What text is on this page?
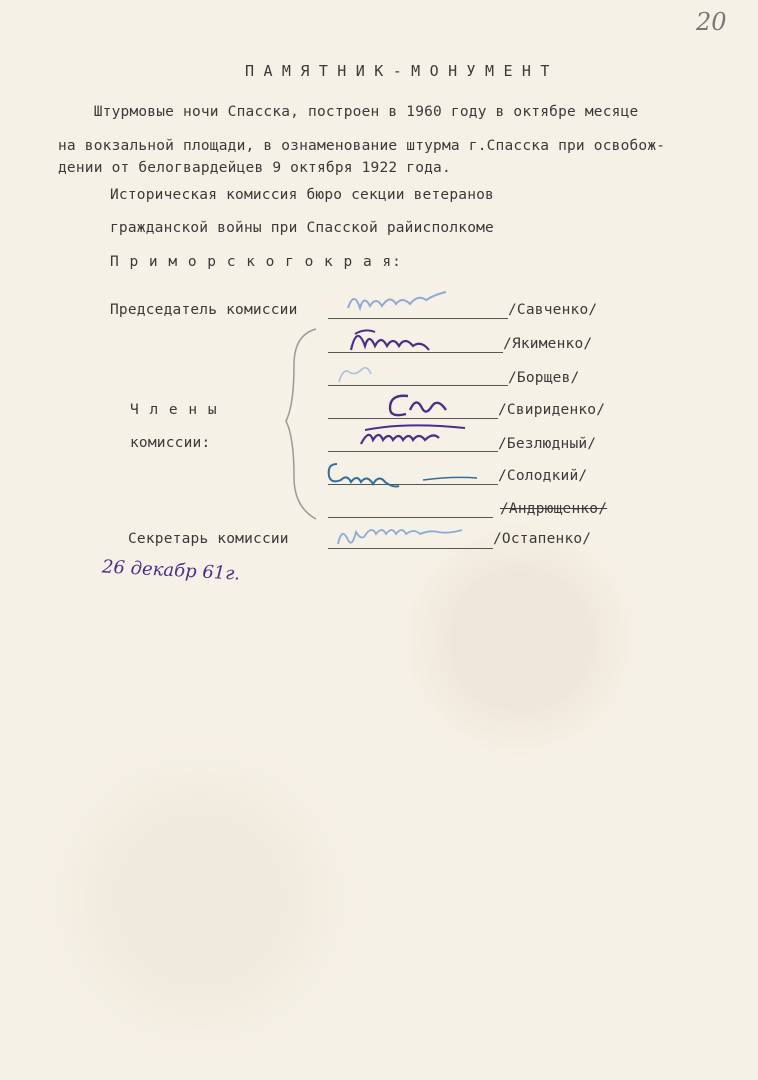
20
П А М Я Т Н И К - М О Н У М Е Н Т
Штурмовые ночи Спасска, построен в 1960 году в октябре месяце
на вокзальной площади, в ознаменование штурма г.Спасска при освобож-
дении от белогвардейцев 9 октября 1922 года.
Историческая комиссия бюро секции ветеранов
гражданской войны при Спасской райисполкоме
П р и м о р с к о г о к р а я:
Председатель комиссии	/Савченко/
Ч л е н ы
комиссии:
/Якименко/
/Борщев/
/Свириденко/
/Безлюдный/
/Солодкий/
/Андрющенко/
Секретарь комиссии	/Остапенко/
26 декабр 61г.
